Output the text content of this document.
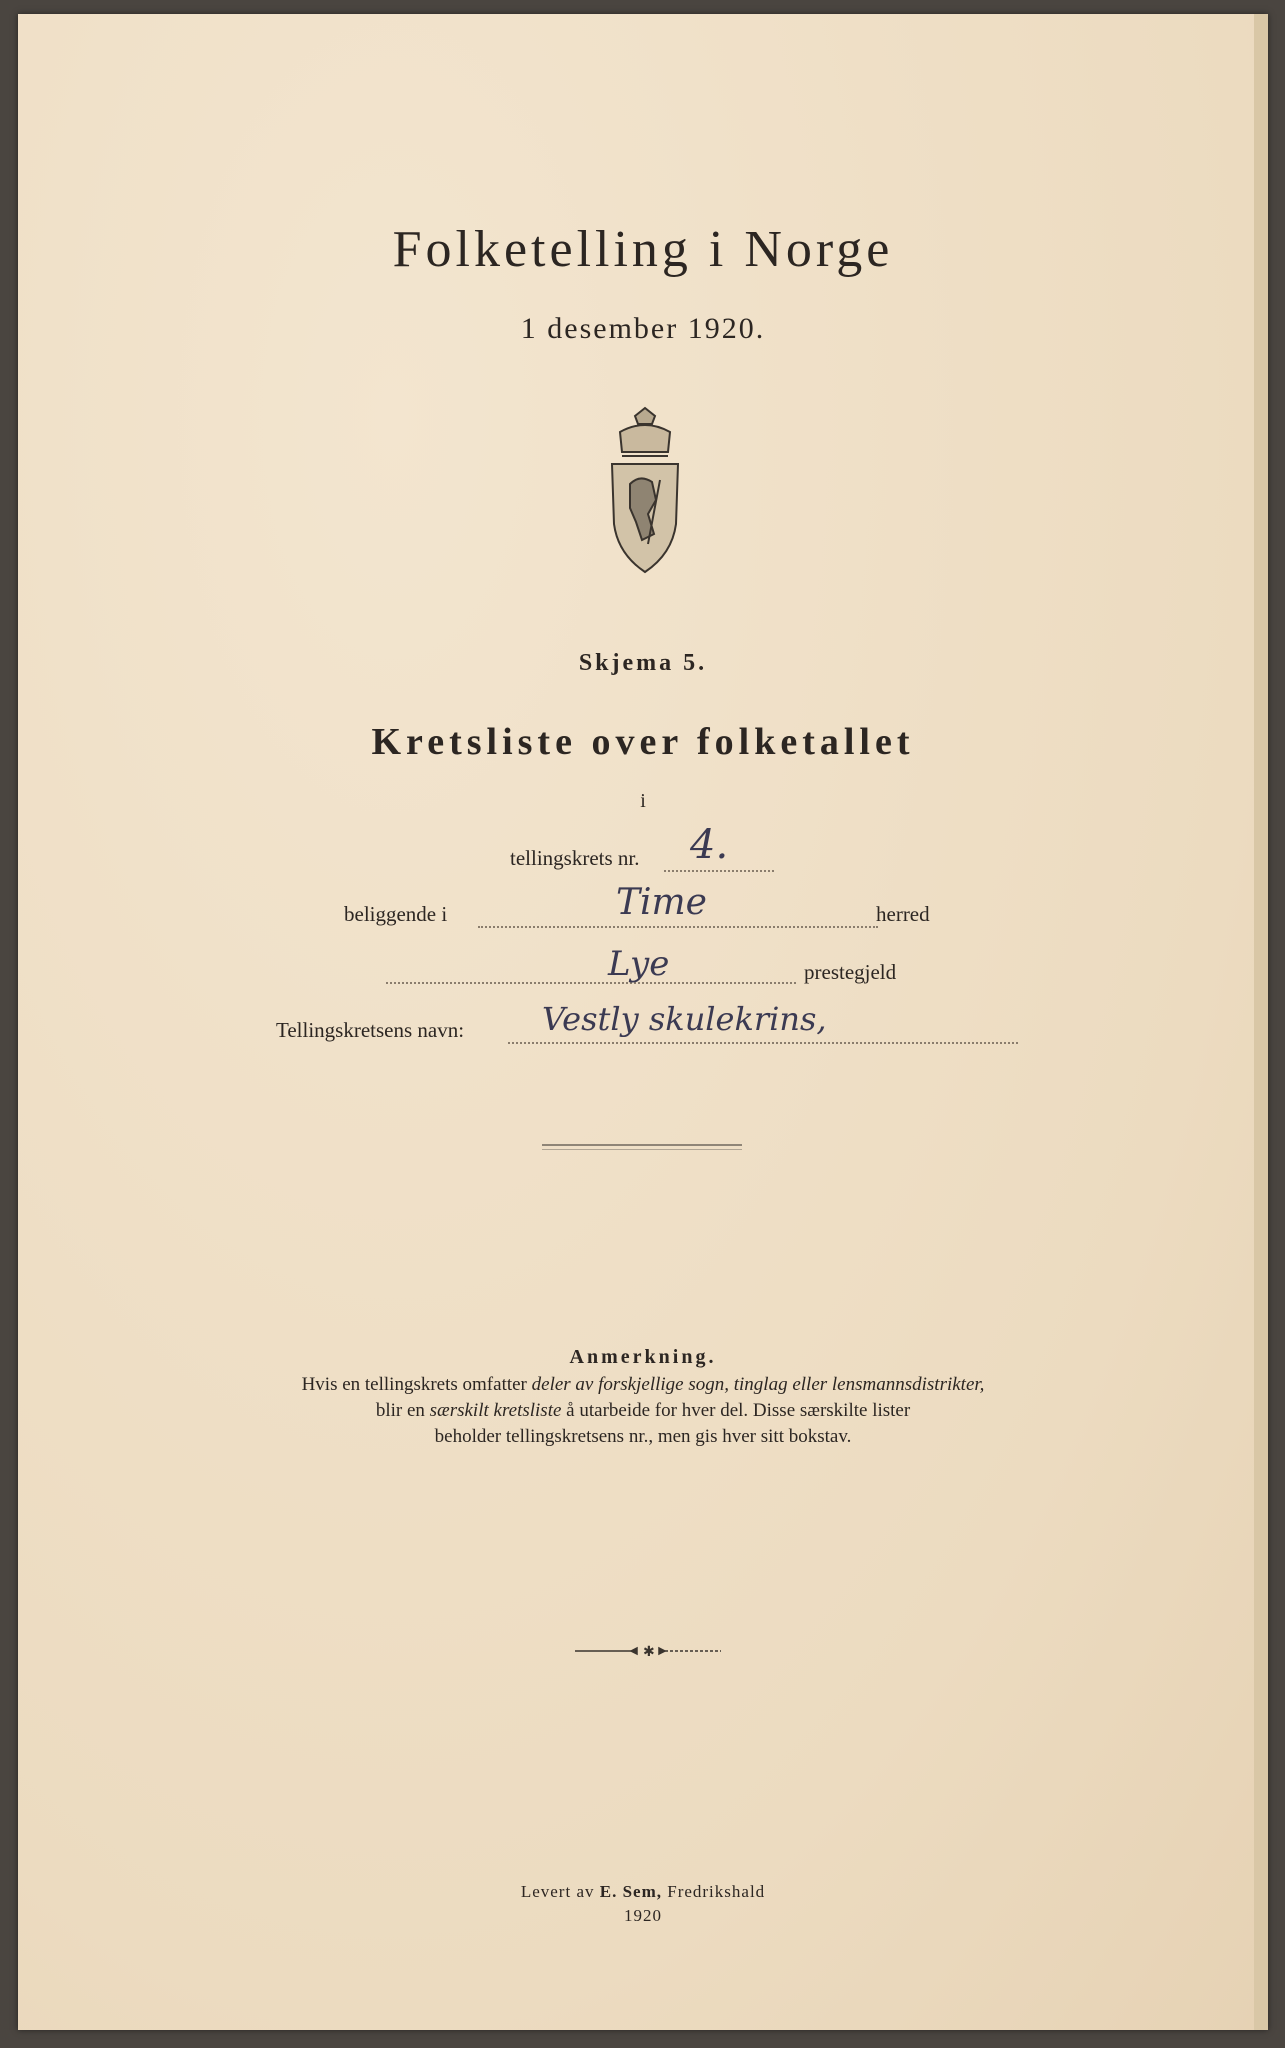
Folketelling i Norge
1 desember 1920.
Skjema 5.
Kretsliste over folketallet
i
tellingskrets nr. 4.
beliggende i	Time	herred
Lye	prestegjeld
Tellingskretsens navn: Vestly skulekrins,
Anmerkning.
Hvis en tellingskrets omfatter deler av forskjellige sogn, tinglag eller lensmannsdistrikter,
blir en særskilt kretsliste å utarbeide for hver del. Disse særskilte lister
beholder tellingskretsens nr., men gis hver sitt bokstav.
✱
Levert av E. Sem, Fredrikshald
1920
